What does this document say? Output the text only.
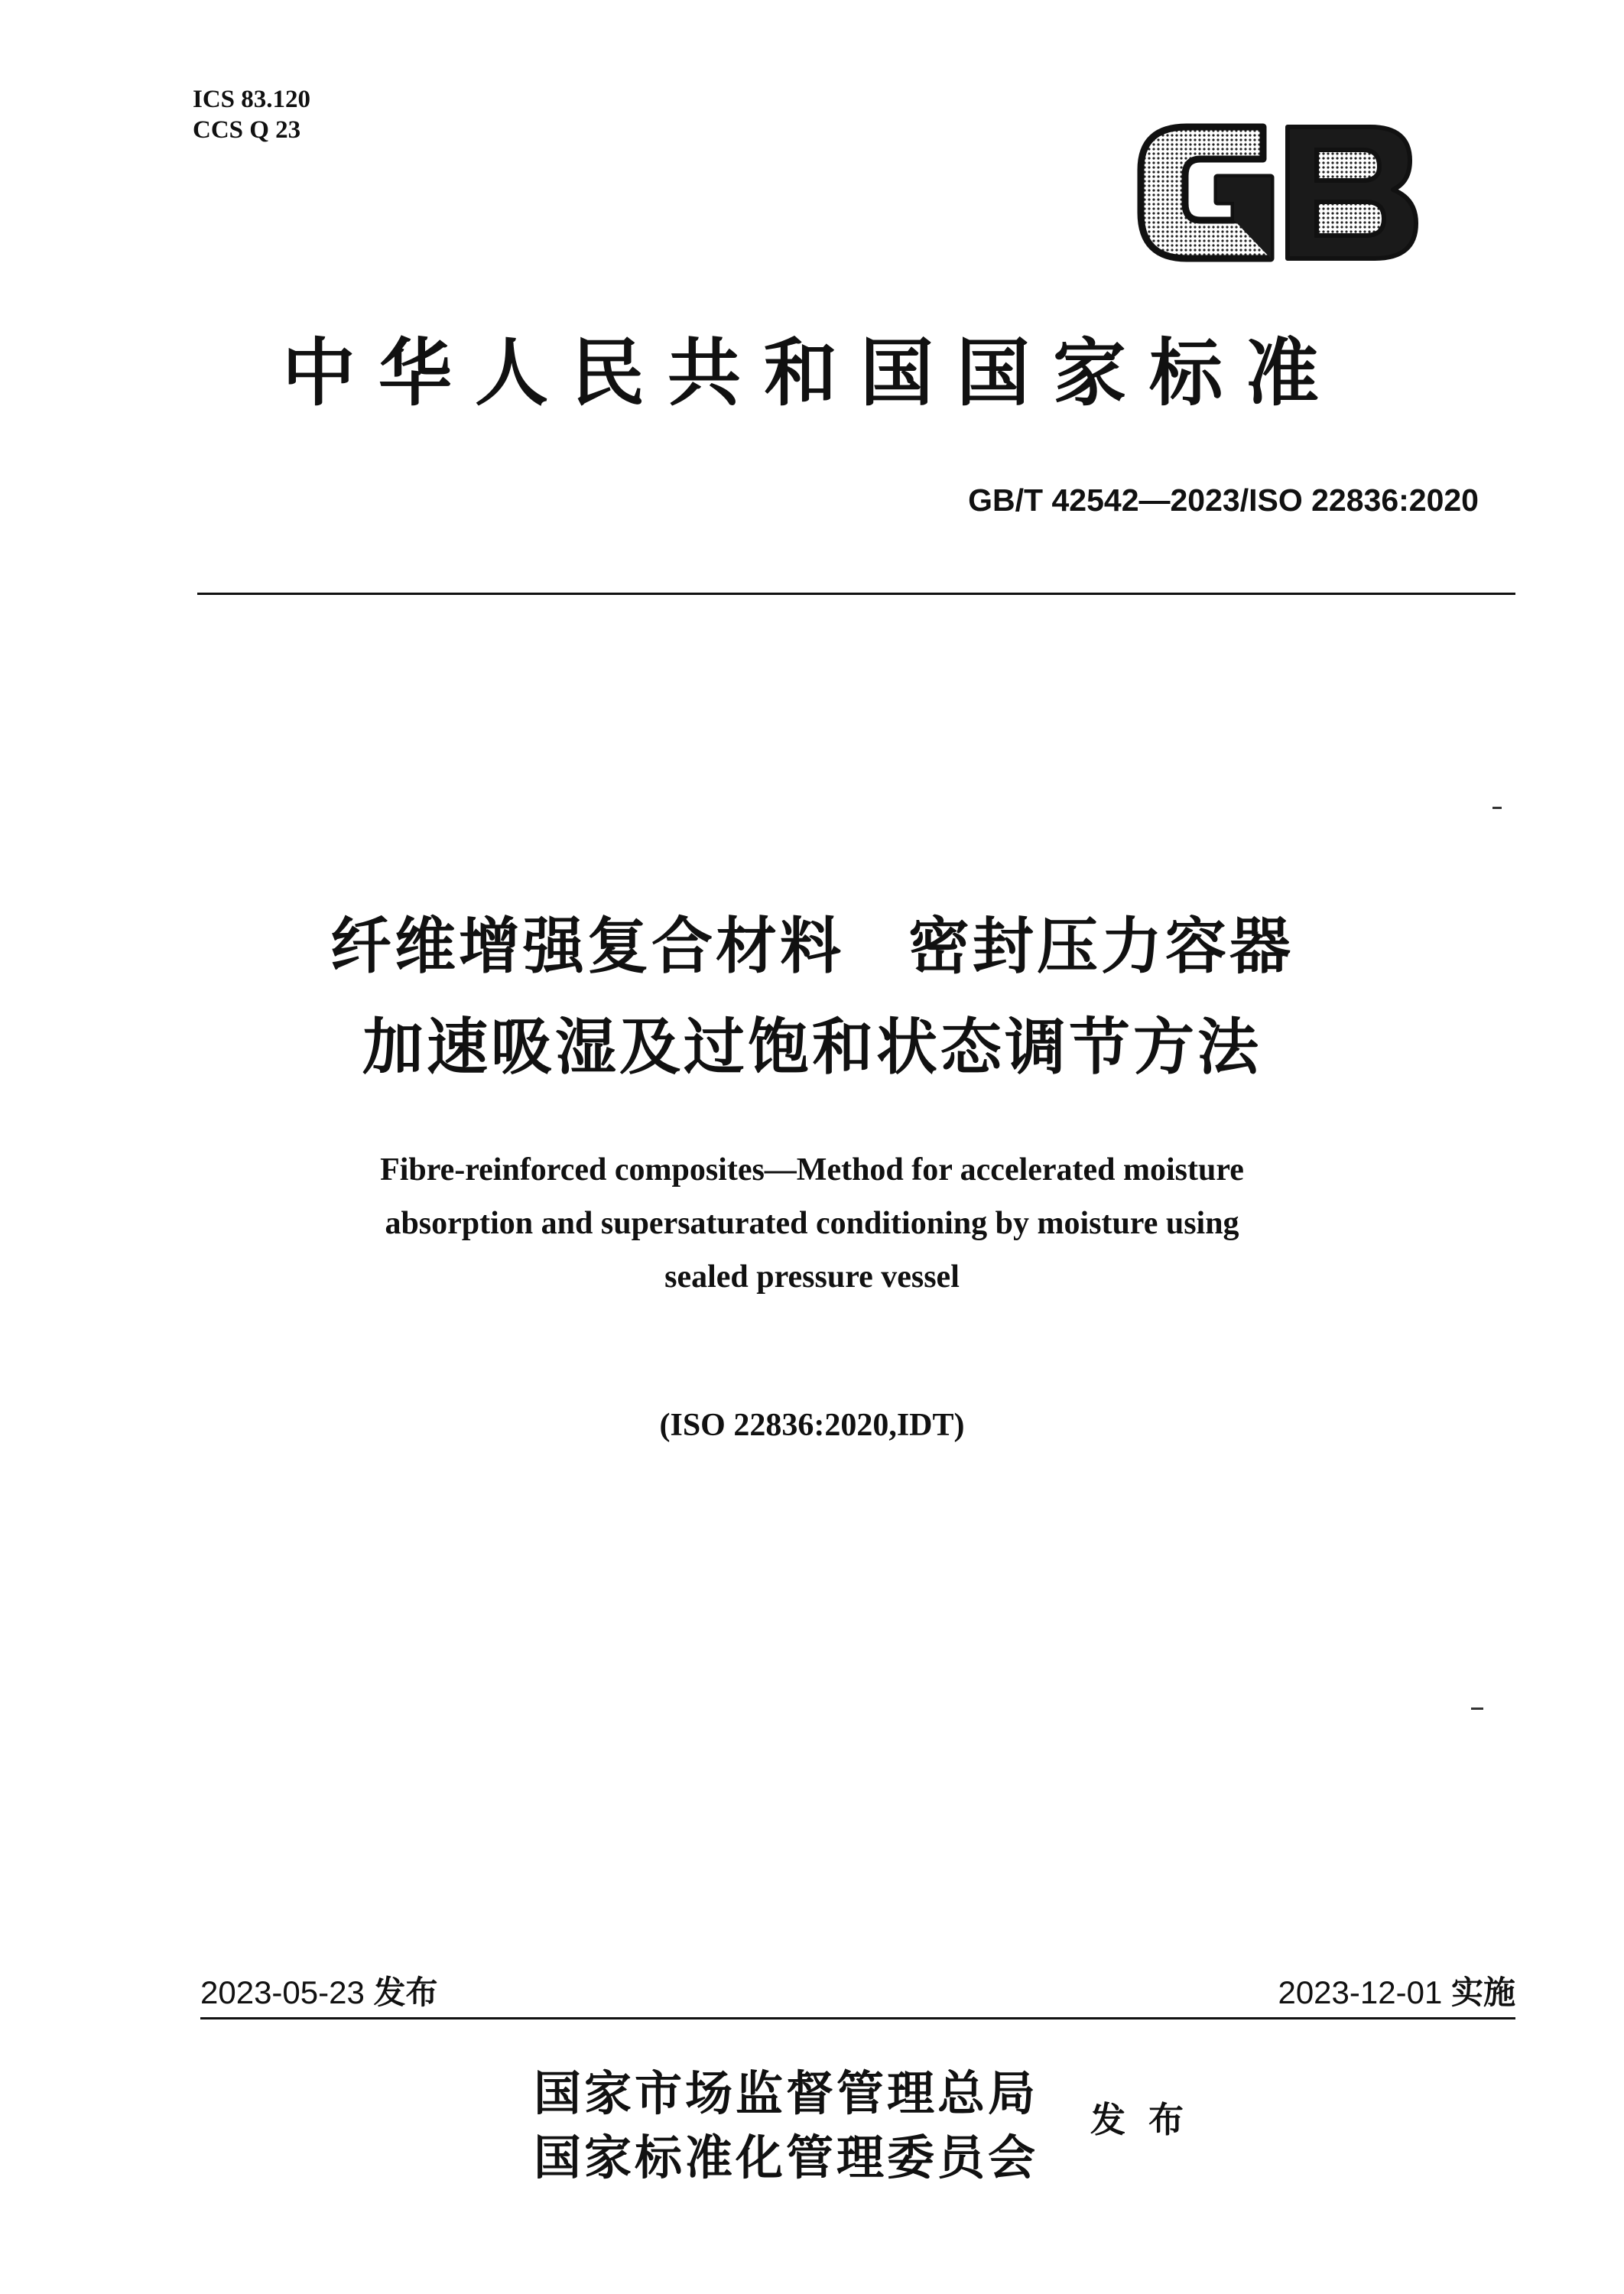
ICS 83.120
CCS Q 23
中华人民共和国国家标准
GB/T 42542—2023/ISO 22836:2020
纤维增强复合材料　密封压力容器
加速吸湿及过饱和状态调节方法
Fibre-reinforced composites—Method for accelerated moisture
absorption and supersaturated conditioning by moisture using
sealed pressure vessel
(ISO 22836:2020,IDT)
2023-05-23 发布	2023-12-01 实施
国家市场监督管理总局
国家标准化管理委员会
发布
